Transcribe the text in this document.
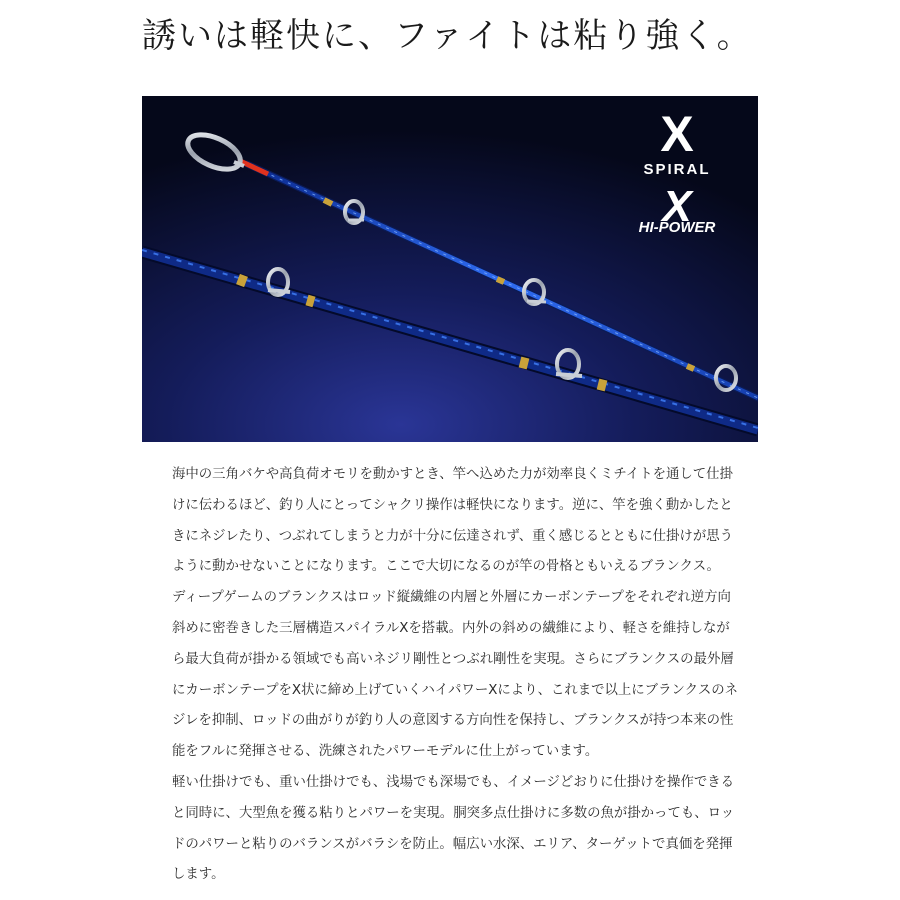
誘いは軽快に、ファイトは粘り強く。
X
SPIRAL
X
HI-POWER

海中の三角バケや高負荷オモリを動かすとき、竿へ込めた力が効率良くミチイトを通して仕掛けに伝わるほど、釣り人にとってシャクリ操作は軽快になります。逆に、竿を強く動かしたときにネジレたり、つぶれてしまうと力が十分に伝達されず、重く感じるとともに仕掛けが思うように動かせないことになります。ここで大切になるのが竿の骨格ともいえるブランクス。

ディープゲームのブランクスはロッド縦繊維の内層と外層にカーボンテープをそれぞれ逆方向斜めに密巻きした三層構造スパイラルXを搭載。内外の斜めの繊維により、軽さを維持しながら最大負荷が掛かる領域でも高いネジリ剛性とつぶれ剛性を実現。さらにブランクスの最外層にカーボンテープをX状に締め上げていくハイパワーXにより、これまで以上にブランクスのネジレを抑制、ロッドの曲がりが釣り人の意図する方向性を保持し、ブランクスが持つ本来の性能をフルに発揮させる、洗練されたパワーモデルに仕上がっています。

軽い仕掛けでも、重い仕掛けでも、浅場でも深場でも、イメージどおりに仕掛けを操作できると同時に、大型魚を獲る粘りとパワーを実現。胴突多点仕掛けに多数の魚が掛かっても、ロッドのパワーと粘りのバランスがバラシを防止。幅広い水深、エリア、ターゲットで真価を発揮します。
